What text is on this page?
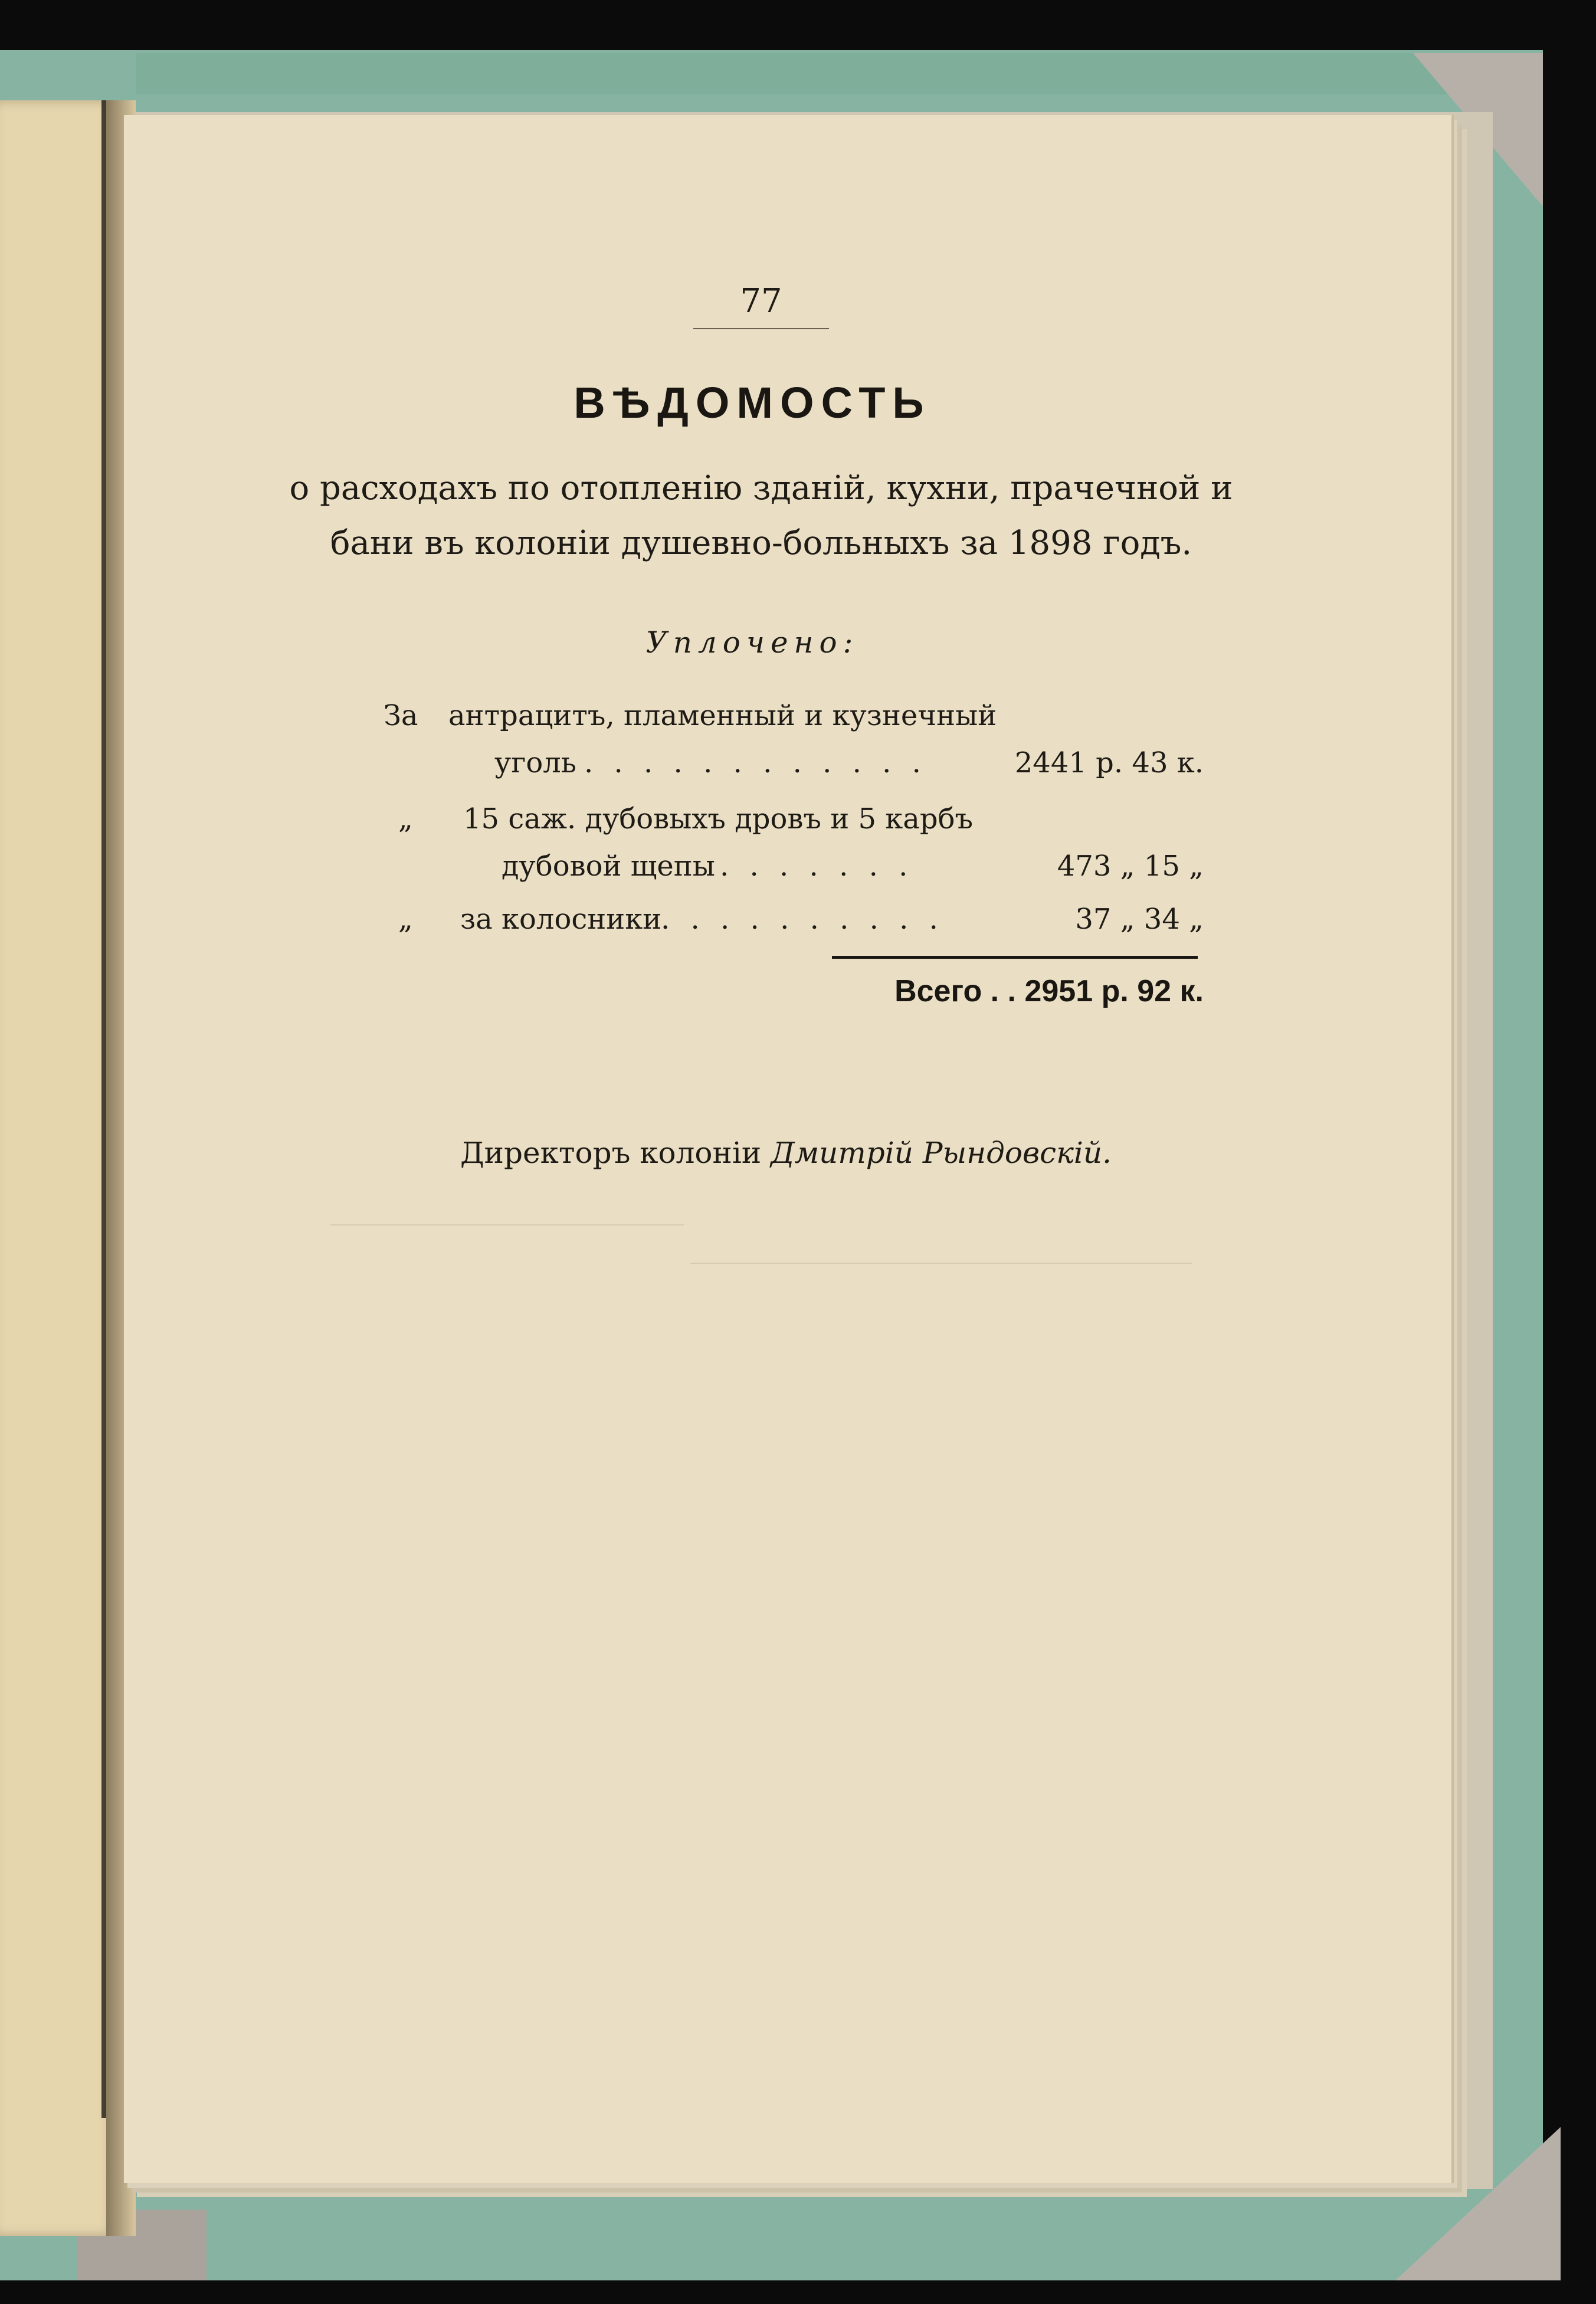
77
ВѢДОМОСТЬ
о расходахъ по отопленію зданій, кухни, прачечной и
бани въ колоніи душевно-больныхъ за 1898 годъ.
Уплочено:
За антрацитъ, пламенный и кузнечный
уголь . . . . . . . . . . . .	2441 р. 43 к.
„ 15 саж. дубовыхъ дровъ и 5 карбъ
дубовой щепы . . . . . . .	473 „ 15 „
„ за колосники
. . . . . . . . . .	37 „ 34 „
Всего . . 2951 р. 92 к.
Директоръ колоніи Дмитрій Рындовскій.
